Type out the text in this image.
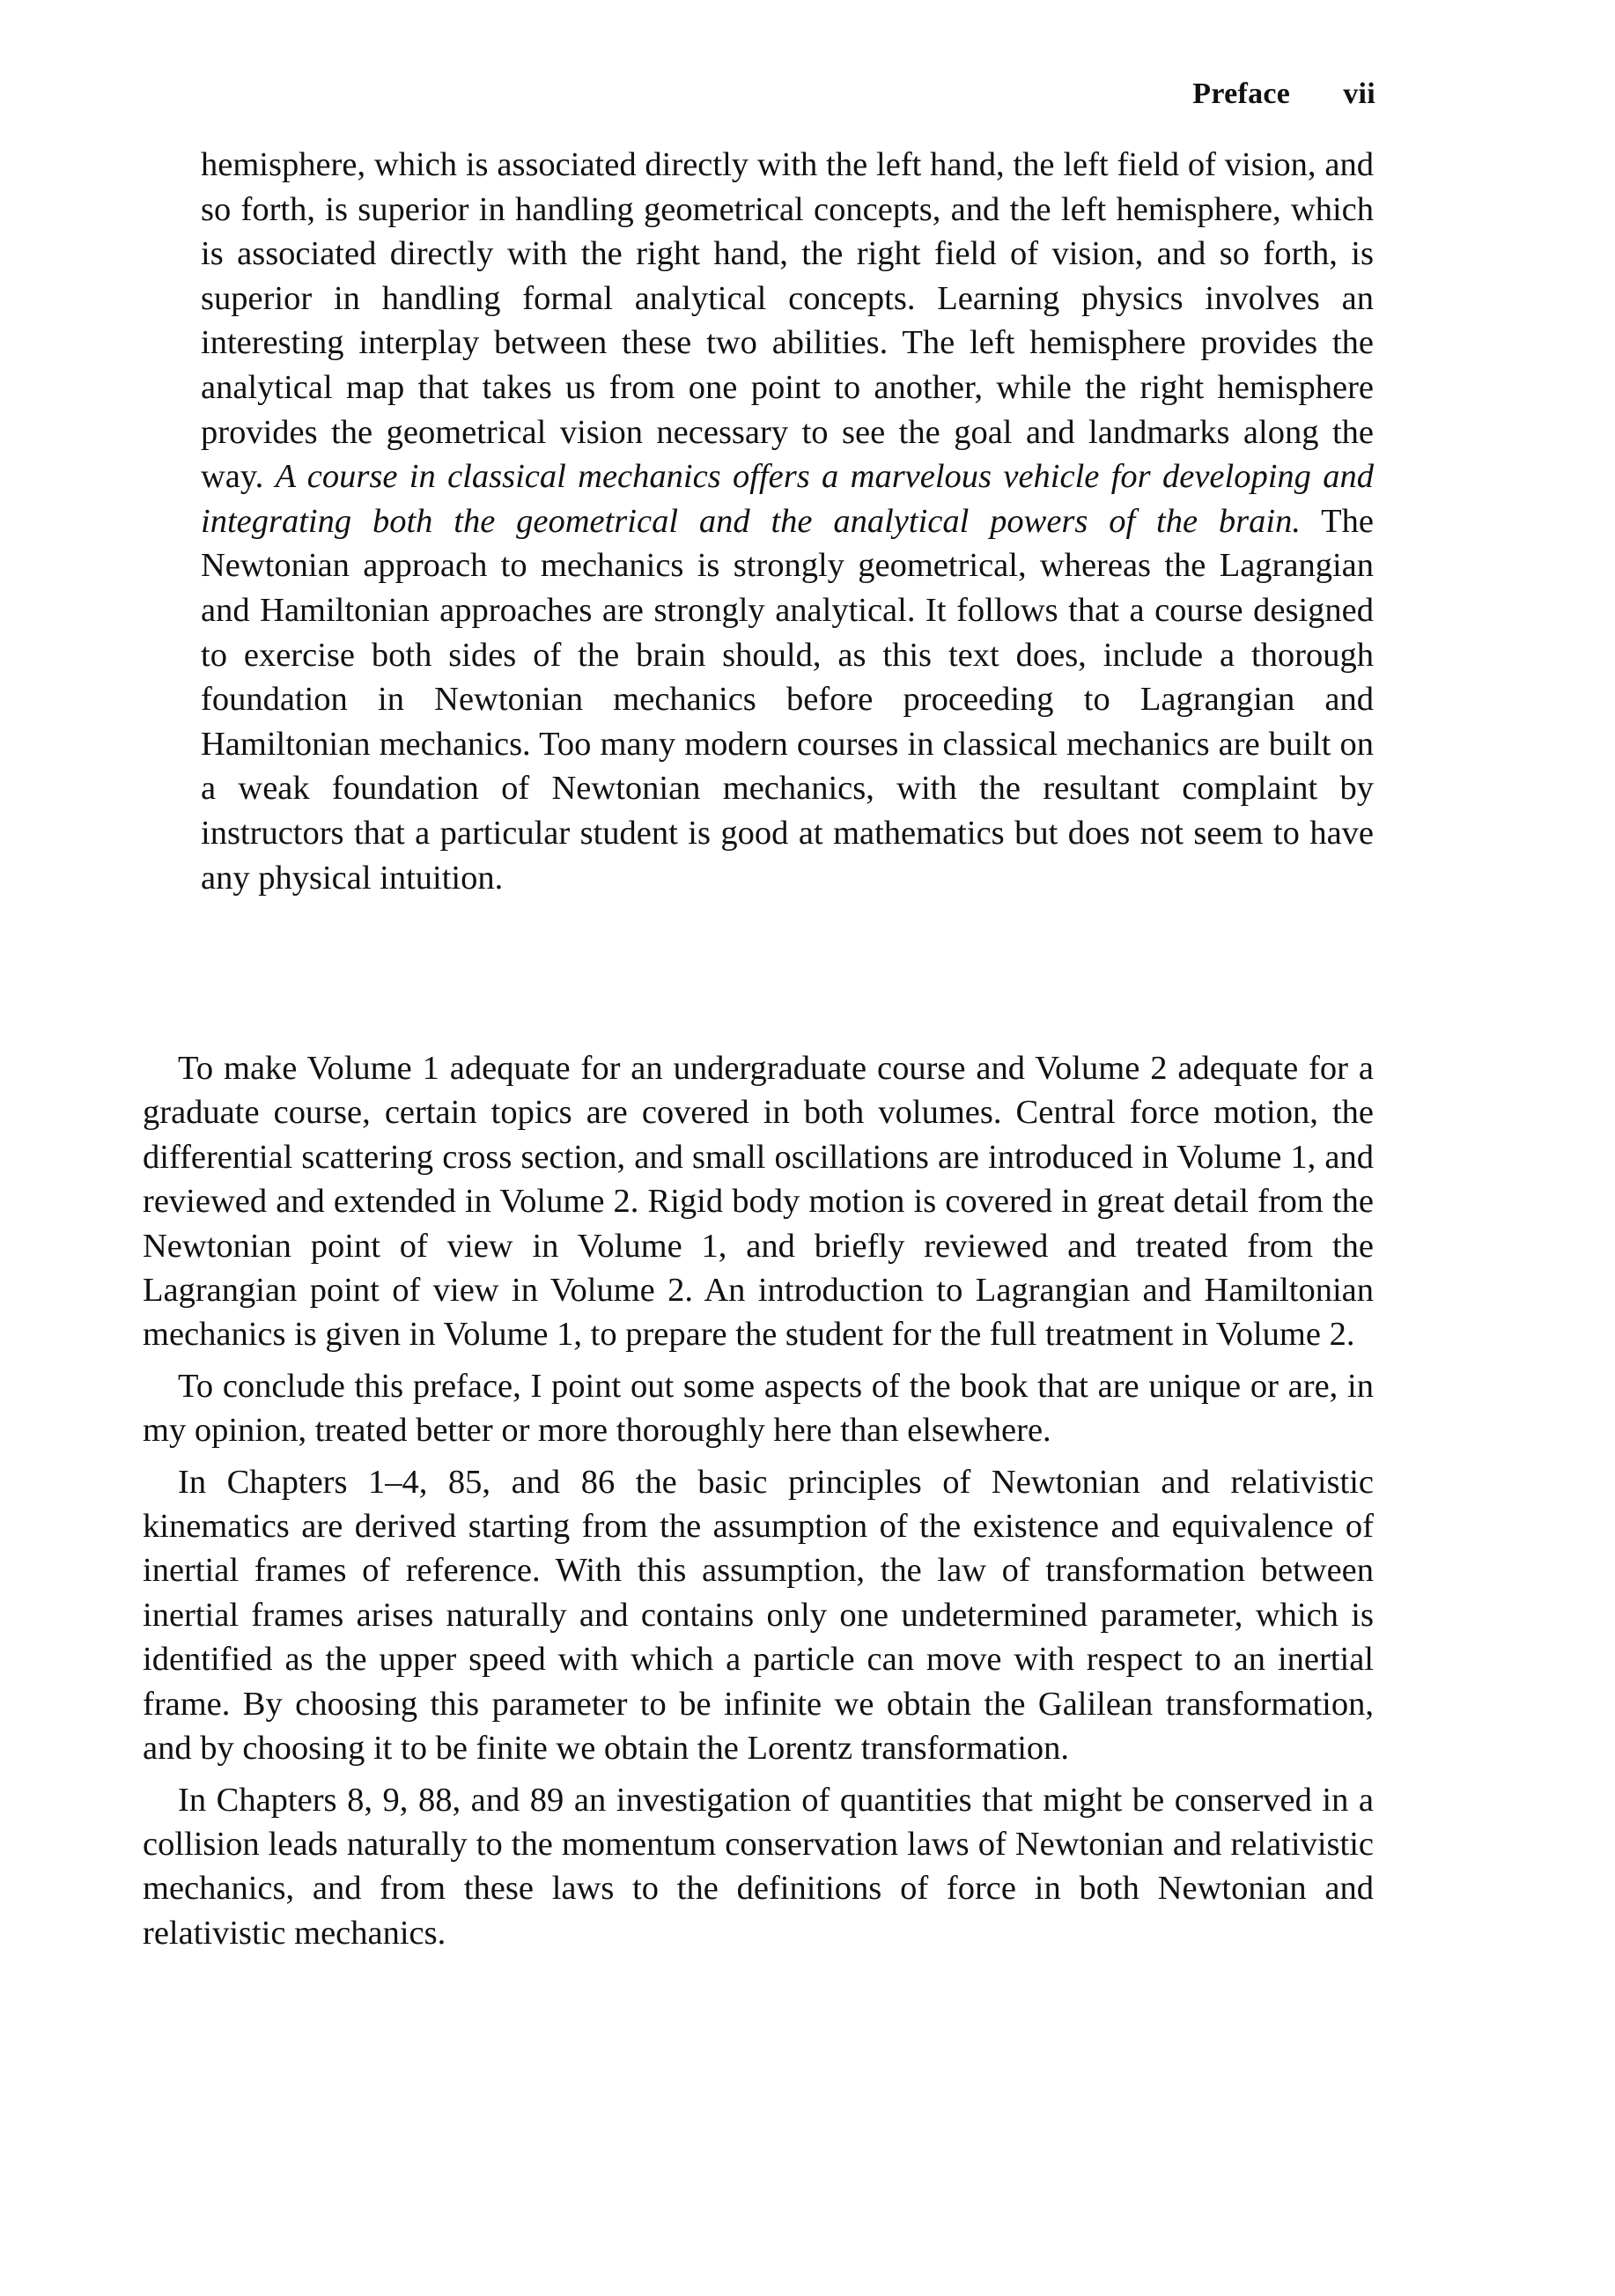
Preface vii
hemisphere, which is associated directly with the left hand, the left field of vision, and so forth, is superior in handling geometrical concepts, and the left hemisphere, which is associated directly with the right hand, the right field of vision, and so forth, is superior in handling formal analytical concepts. Learning physics involves an interesting interplay between these two abilities. The left hemisphere provides the analytical map that takes us from one point to another, while the right hemisphere provides the geometrical vision necessary to see the goal and landmarks along the way. A course in classical mechanics offers a marvelous vehicle for developing and integrating both the geometrical and the analytical powers of the brain. The Newtonian approach to mechanics is strongly geometrical, whereas the Lagrangian and Hamiltonian approaches are strongly analytical. It follows that a course designed to exercise both sides of the brain should, as this text does, include a thorough foundation in Newtonian mechanics before proceeding to Lagrangian and Hamiltonian mechanics. Too many modern courses in classical mechanics are built on a weak foundation of Newtonian mechanics, with the resultant complaint by instructors that a particular student is good at mathematics but does not seem to have any physical intuition.

To make Volume 1 adequate for an undergraduate course and Volume 2 adequate for a graduate course, certain topics are covered in both volumes. Central force motion, the differential scattering cross section, and small oscillations are introduced in Volume 1, and reviewed and extended in Volume 2. Rigid body motion is covered in great detail from the Newtonian point of view in Volume 1, and briefly reviewed and treated from the Lagrangian point of view in Volume 2. An introduction to Lagrangian and Hamiltonian mechanics is given in Volume 1, to prepare the student for the full treatment in Volume 2.

To conclude this preface, I point out some aspects of the book that are unique or are, in my opinion, treated better or more thoroughly here than elsewhere.

In Chapters 1–4, 85, and 86 the basic principles of Newtonian and relativistic kinematics are derived starting from the assumption of the existence and equivalence of inertial frames of reference. With this assumption, the law of transformation between inertial frames arises naturally and contains only one undetermined parameter, which is identified as the upper speed with which a particle can move with respect to an inertial frame. By choosing this parameter to be infinite we obtain the Galilean transformation, and by choosing it to be finite we obtain the Lorentz transformation.

In Chapters 8, 9, 88, and 89 an investigation of quantities that might be conserved in a collision leads naturally to the momentum conservation laws of Newtonian and relativistic mechanics, and from these laws to the definitions of force in both Newtonian and relativistic mechanics.
